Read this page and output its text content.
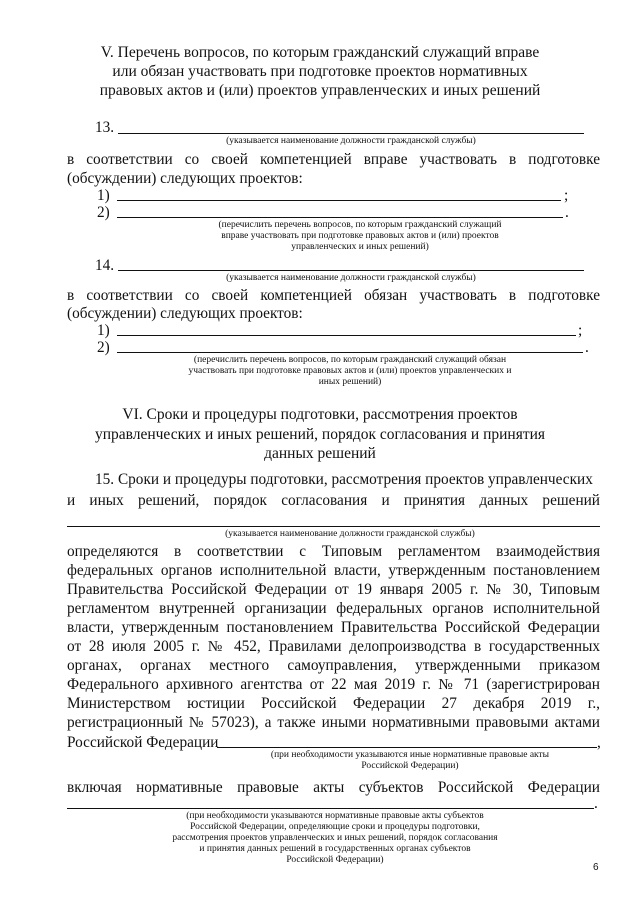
V. Перечень вопросов, по которым гражданский служащий вправе
или обязан участвовать при подготовке проектов нормативных
правовых актов и (или) проектов управленческих и иных решений
13.
(указывается наименование должности гражданской службы)
в соответствии со своей компетенцией вправе участвовать в подготовке
(обсуждении) следующих проектов:
1)	;
2)	.
(перечислить перечень вопросов, по которым гражданский служащий
вправе участвовать при подготовке правовых актов и (или) проектов
управленческих и иных решений)
14.
(указывается наименование должности гражданской службы)
в соответствии со своей компетенцией обязан участвовать в подготовке
(обсуждении) следующих проектов:
1)	;
2)	.
(перечислить перечень вопросов, по которым гражданский служащий обязан
участвовать при подготовке правовых актов и (или) проектов управленческих и
иных решений)
VI. Сроки и процедуры подготовки, рассмотрения проектов
управленческих и иных решений, порядок согласования и принятия
данных решений
15. Сроки и процедуры подготовки, рассмотрения проектов управленческих
и иных решений, порядок согласования и принятия данных решений
(указывается наименование должности гражданской службы)
определяются в соответствии с Типовым регламентом взаимодействия
федеральных органов исполнительной власти, утвержденным постановлением
Правительства Российской Федерации от 19 января 2005 г. № 30, Типовым
регламентом внутренней организации федеральных органов исполнительной
власти, утвержденным постановлением Правительства Российской Федерации
от 28 июля 2005 г. № 452, Правилами делопроизводства в государственных
органах, органах местного самоуправления, утвержденными приказом
Федерального архивного агентства от 22 мая 2019 г. № 71 (зарегистрирован
Министерством юстиции Российской Федерации 27 декабря 2019 г.,
регистрационный № 57023), а также иными нормативными правовыми актами
Российской Федерации	,
(при необходимости указываются иные нормативные правовые акты
Российской Федерации)
включая нормативные правовые акты субъектов Российской Федерации
.
(при необходимости указываются нормативные правовые акты субъектов
Российской Федерации, определяющие сроки и процедуры подготовки,
рассмотрения проектов управленческих и иных решений, порядок согласования
и принятия данных решений в государственных органах субъектов
Российской Федерации)
6
